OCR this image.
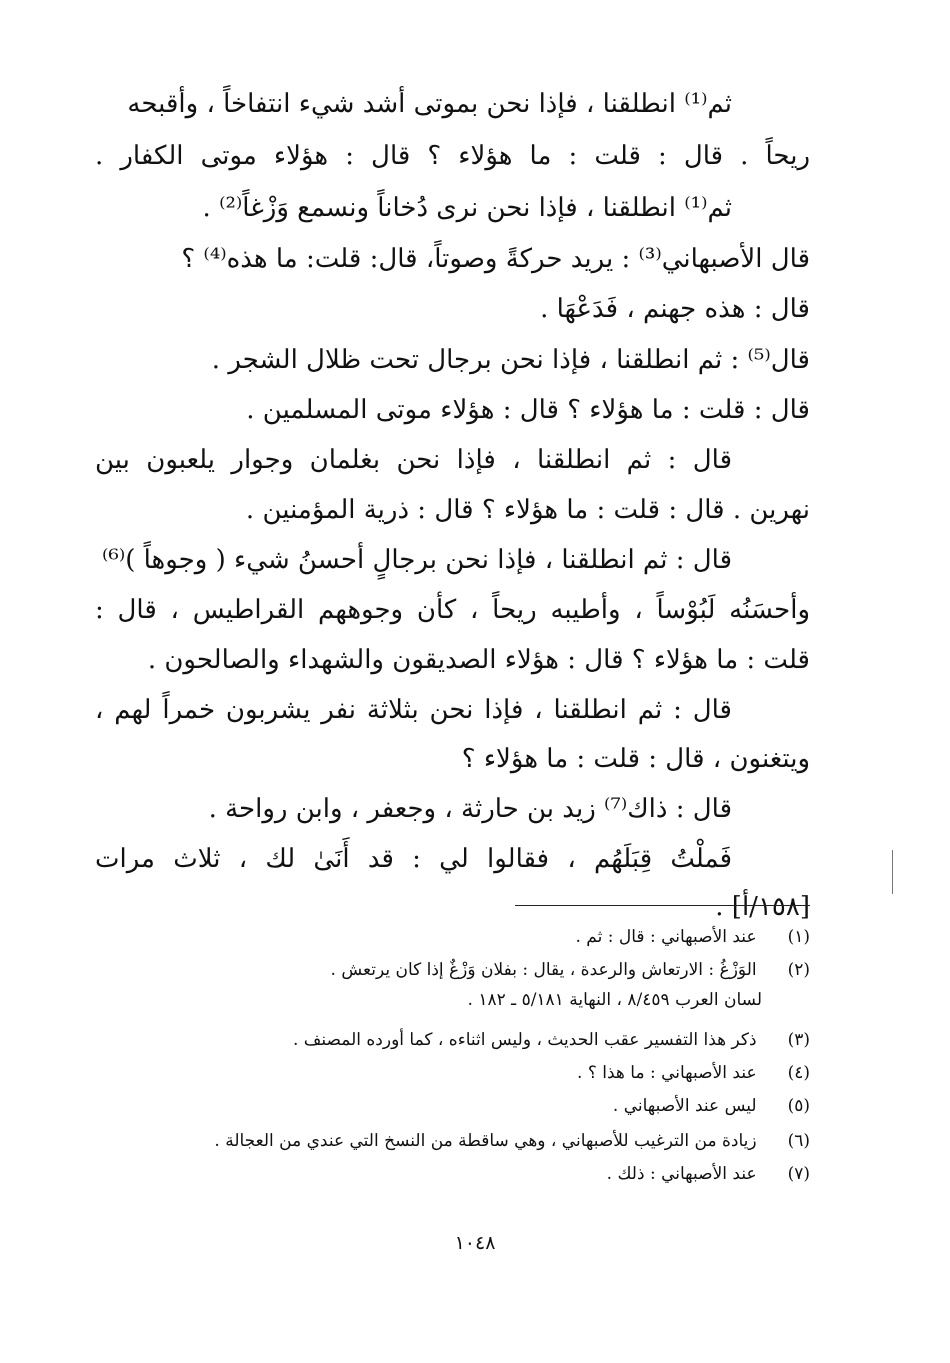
ثم⁽¹⁾ انطلقنا ، فإذا نحن بموتى أشد شيء انتفاخاً ، وأقبحه
ريحاً . قال : قلت : ما هؤلاء ؟ قال : هؤلاء موتى الكفار .
ثم⁽¹⁾ انطلقنا ، فإذا نحن نرى دُخاناً ونسمع وَزْغاً⁽²⁾ .
قال الأصبهاني⁽³⁾ : يريد حركةً وصوتاً، قال: قلت: ما هذه⁽⁴⁾ ؟
قال : هذه جهنم ، فَدَعْهَا .
قال⁽⁵⁾ : ثم انطلقنا ، فإذا نحن برجال تحت ظلال الشجر .
قال : قلت : ما هؤلاء ؟ قال : هؤلاء موتى المسلمين .
قال : ثم انطلقنا ، فإذا نحن بغلمان وجوار يلعبون بين
نهرين . قال : قلت : ما هؤلاء ؟ قال : ذرية المؤمنين .
قال : ثم انطلقنا ، فإذا نحن برجالٍ أحسنُ شيء ( وجوهاً )⁽⁶⁾
وأحسَنُه لَبُوْساً ، وأطيبه ريحاً ، كأن وجوههم القراطيس ، قال :
قلت : ما هؤلاء ؟ قال : هؤلاء الصديقون والشهداء والصالحون .
قال : ثم انطلقنا ، فإذا نحن بثلاثة نفر يشربون خمراً لهم ،
ويتغنون ، قال : قلت : ما هؤلاء ؟
قال : ذاك⁽⁷⁾ زيد بن حارثة ، وجعفر ، وابن رواحة .
فَملْتُ قِبَلَهُم ، فقالوا لي : قد أَنَىٰ لك ، ثلاث مرات
[١٥٨/أ] .
(١) عند الأصبهاني : قال : ثم .
(٢) الوَزْغُ : الارتعاش والرعدة ، يقال : بفلان وَزْغٌ إذا كان يرتعش .
لسان العرب ٨/٤٥٩ ، النهاية ٥/١٨١ ـ ١٨٢ .
(٣) ذكر هذا التفسير عقب الحديث ، وليس اثناءه ، كما أورده المصنف .
(٤) عند الأصبهاني : ما هذا ؟ .
(٥) ليس عند الأصبهاني .
(٦) زيادة من الترغيب للأصبهاني ، وهي ساقطة من النسخ التي عندي من العجالة .
(٧) عند الأصبهاني : ذلك .
١٠٤٨
